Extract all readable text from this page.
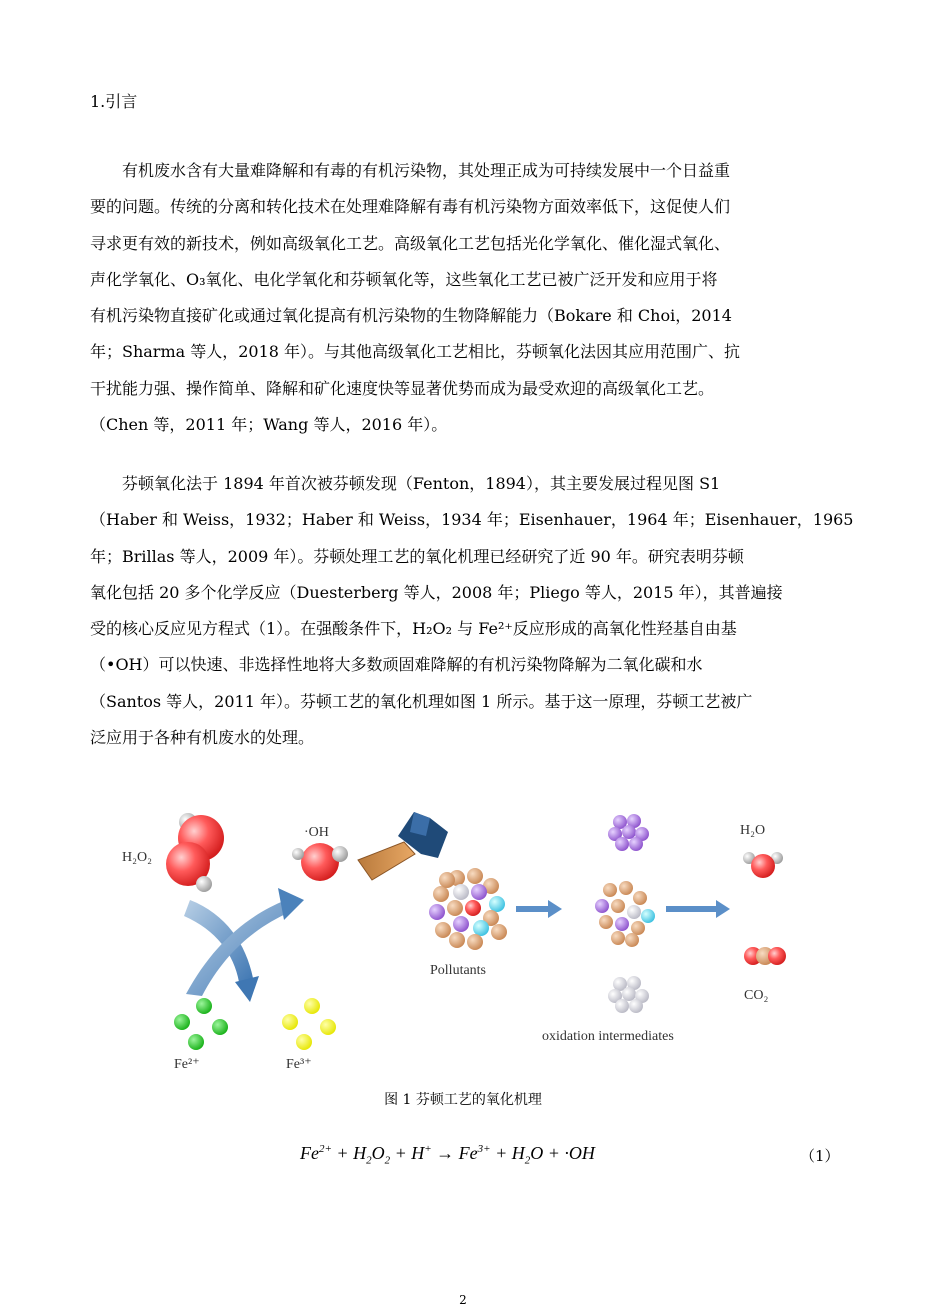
1.引言
有机废水含有大量难降解和有毒的有机污染物，其处理正成为可持续发展中一个日益重
要的问题。传统的分离和转化技术在处理难降解有毒有机污染物方面效率低下，这促使人们
寻求更有效的新技术，例如高级氧化工艺。高级氧化工艺包括光化学氧化、催化湿式氧化、
声化学氧化、O₃氧化、电化学氧化和芬顿氧化等，这些氧化工艺已被广泛开发和应用于将
有机污染物直接矿化或通过氧化提高有机污染物的生物降解能力（Bokare 和 Choi，2014
年；Sharma 等人，2018 年）。与其他高级氧化工艺相比，芬顿氧化法因其应用范围广、抗
干扰能力强、操作简单、降解和矿化速度快等显著优势而成为最受欢迎的高级氧化工艺。
（Chen 等，2011 年；Wang 等人，2016 年）。
芬顿氧化法于 1894 年首次被芬顿发现（Fenton，1894），其主要发展过程见图 S1
（Haber 和 Weiss，1932；Haber 和 Weiss，1934 年；Eisenhauer，1964 年；Eisenhauer，1965
年；Brillas 等人，2009 年）。芬顿处理工艺的氧化机理已经研究了近 90 年。研究表明芬顿
氧化包括 20 多个化学反应（Duesterberg 等人，2008 年；Pliego 等人，2015 年），其普遍接
受的核心反应见方程式（1）。在强酸条件下，H₂O₂ 与 Fe²⁺反应形成的高氧化性羟基自由基
（•OH）可以快速、非选择性地将大多数顽固难降解的有机污染物降解为二氧化碳和水
（Santos 等人，2011 年）。芬顿工艺的氧化机理如图 1 所示。基于这一原理，芬顿工艺被广
泛应用于各种有机废水的处理。
H₂O₂
·OH
Pollutants
oxidation intermediates
H₂O
CO₂
Fe²⁺	Fe³⁺
图 1 芬顿工艺的氧化机理
$Fe^{2+} + H_2O_2 + H^+ \to Fe^{3+} + H_2O + \cdot OH$	（1）
2
